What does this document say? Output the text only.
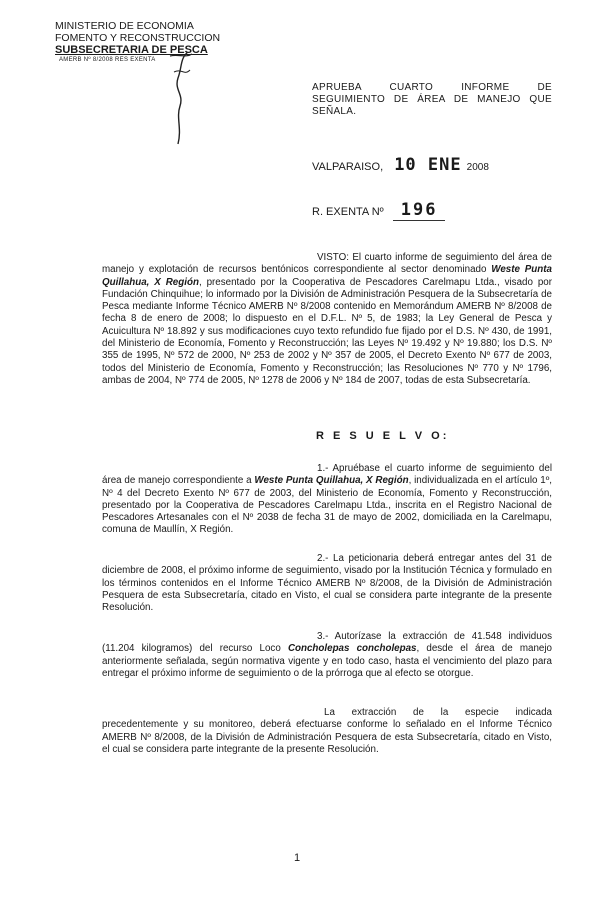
MINISTERIO DE ECONOMIA
FOMENTO Y RECONSTRUCCION
SUBSECRETARIA DE PESCA
AMERB Nº 8/2008 RES EXENTA
APRUEBA CUARTO INFORME DE
SEGUIMIENTO DE ÁREA DE MANEJO QUE
SEÑALA.
VALPARAISO, 10 ENE 2008
R. EXENTA Nº 196
VISTO: El cuarto informe de seguimiento del área de manejo y explotación de recursos bentónicos correspondiente al sector denominado Weste Punta Quillahua, X Región, presentado por la Cooperativa de Pescadores Carelmapu Ltda., visado por Fundación Chinquihue; lo informado por la División de Administración Pesquera de la Subsecretaría de Pesca mediante Informe Técnico AMERB Nº 8/2008 contenido en Memorándum AMERB Nº 8/2008 de fecha 8 de enero de 2008; lo dispuesto en el D.F.L. Nº 5, de 1983; la Ley General de Pesca y Acuicultura Nº 18.892 y sus modificaciones cuyo texto refundido fue fijado por el D.S. Nº 430, de 1991, del Ministerio de Economía, Fomento y Reconstrucción; las Leyes Nº 19.492 y Nº 19.880; los D.S. Nº 355 de 1995, Nº 572 de 2000, Nº 253 de 2002 y Nº 357 de 2005, el Decreto Exento Nº 677 de 2003, todos del Ministerio de Economía, Fomento y Reconstrucción; las Resoluciones Nº 770 y Nº 1796, ambas de 2004, Nº 774 de 2005, Nº 1278 de 2006 y Nº 184 de 2007, todas de esta Subsecretaría.
R E S U E L V O:
1.- Apruébase el cuarto informe de seguimiento del área de manejo correspondiente a Weste Punta Quillahua, X Región, individualizada en el artículo 1º, Nº 4 del Decreto Exento Nº 677 de 2003, del Ministerio de Economía, Fomento y Reconstrucción, presentado por la Cooperativa de Pescadores Carelmapu Ltda., inscrita en el Registro Nacional de Pescadores Artesanales con el Nº 2038 de fecha 31 de mayo de 2002, domiciliada en la Carelmapu, comuna de Maullín, X Región.
2.- La peticionaria deberá entregar antes del 31 de diciembre de 2008, el próximo informe de seguimiento, visado por la Institución Técnica y formulado en los términos contenidos en el Informe Técnico AMERB Nº 8/2008, de la División de Administración Pesquera de esta Subsecretaría, citado en Visto, el cual se considera parte integrante de la presente Resolución.
3.- Autorízase la extracción de 41.548 individuos (11.204 kilogramos) del recurso Loco Concholepas concholepas, desde el área de manejo anteriormente señalada, según normativa vigente y en todo caso, hasta el vencimiento del plazo para entregar el próximo informe de seguimiento o de la prórroga que al efecto se otorgue.
La extracción de la especie indicada precedentemente y su monitoreo, deberá efectuarse conforme lo señalado en el Informe Técnico AMERB Nº 8/2008, de la División de Administración Pesquera de esta Subsecretaría, citado en Visto, el cual se considera parte integrante de la presente Resolución.
1
